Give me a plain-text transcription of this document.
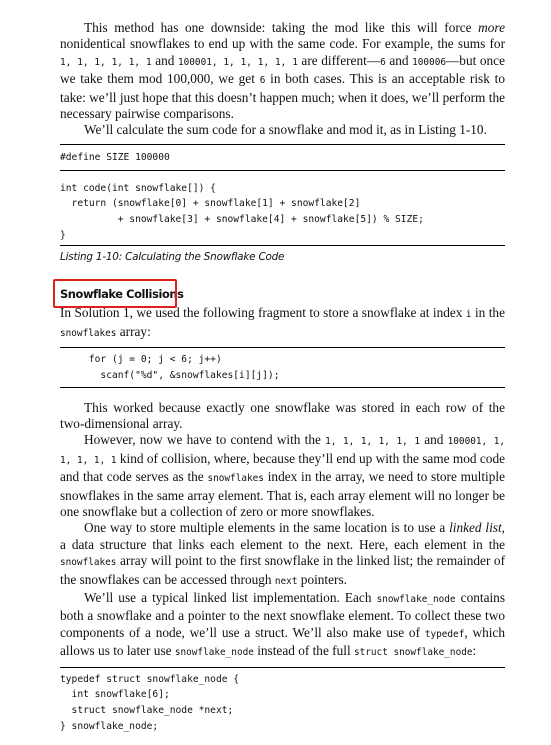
This method has one downside: taking the mod like this will force more nonidentical snowflakes to end up with the same code. For example, the sums for 1, 1, 1, 1, 1, 1 and 100001, 1, 1, 1, 1, 1 are different—6 and 100006—but once we take them mod 100,000, we get 6 in both cases. This is an acceptable risk to take: we’ll just hope that this doesn’t happen much; when it does, we’ll perform the necessary pairwise comparisons.

We’ll calculate the sum code for a snowflake and mod it, as in Listing 1-10.

#define SIZE 100000
int code(int snowflake[]) {
return (snowflake[0] + snowflake[1] + snowflake[2]
+ snowflake[3] + snowflake[4] + snowflake[5]) % SIZE;
}
Listing 1-10: Calculating the Snowflake Code
Snowflake Collisions

In Solution 1, we used the following fragment to store a snowflake at index i in the snowflakes array:

for (j = 0; j < 6; j++)
scanf("%d", &snowflakes[i][j]);

This worked because exactly one snowflake was stored in each row of the two-dimensional array.

However, now we have to contend with the 1, 1, 1, 1, 1, 1 and 100001, 1, 1, 1, 1, 1 kind of collision, where, because they’ll end up with the same mod code and that code serves as the snowflakes index in the array, we need to store multiple snowflakes in the same array element. That is, each array element will no longer be one snowflake but a collection of zero or more snowflakes.

One way to store multiple elements in the same location is to use a linked list, a data structure that links each element to the next. Here, each element in the snowflakes array will point to the first snowflake in the linked list; the remainder of the snowflakes can be accessed through next pointers.

We’ll use a typical linked list implementation. Each snowflake_node contains both a snowflake and a pointer to the next snowflake element. To collect these two components of a node, we’ll use a struct. We’ll also make use of typedef, which allows us to later use snowflake_node instead of the full struct snowflake_node:

typedef struct snowflake_node {
int snowflake[6];
struct snowflake_node *next;
} snowflake_node;
